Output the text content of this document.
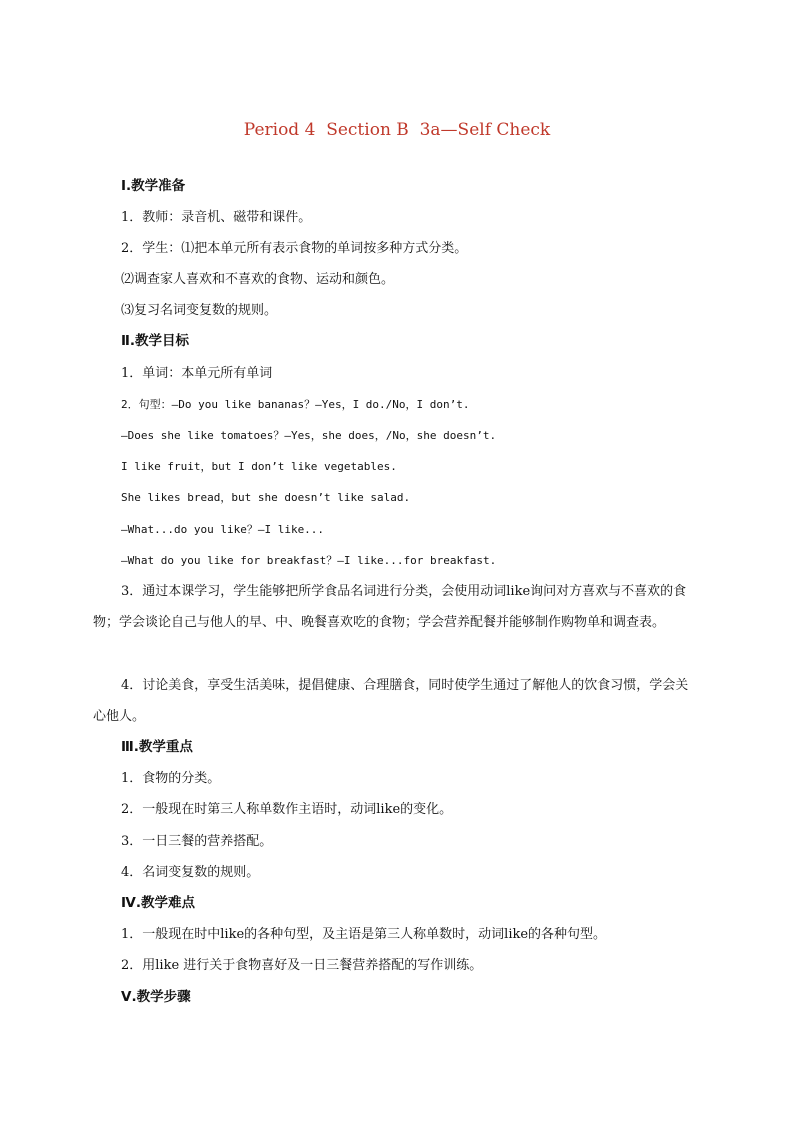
Period 4  Section B  3a—Self Check
Ⅰ.教学准备
1．教师：录音机、磁带和课件。
2．学生：⑴把本单元所有表示食物的单词按多种方式分类。
⑵调查家人喜欢和不喜欢的食物、运动和颜色。
⑶复习名词变复数的规则。
Ⅱ.教学目标
1．单词：本单元所有单词
2．句型：—Do you like bananas？—Yes，I do./No，I don’t.
—Does she like tomatoes？—Yes，she does，/No，she doesn’t.
I like fruit，but I don’t like vegetables.
She likes bread，but she doesn’t like salad.
—What...do you like？—I like...
—What do you like for breakfast？—I like...for breakfast.
3．通过本课学习，学生能够把所学食品名词进行分类，会使用动词like询问对方喜欢与不喜欢的食物；学会谈论自己与他人的早、中、晚餐喜欢吃的食物；学会营养配餐并能够制作购物单和调查表。
4．讨论美食，享受生活美味，提倡健康、合理膳食，同时使学生通过了解他人的饮食习惯，学会关心他人。
Ⅲ.教学重点
1．食物的分类。
2．一般现在时第三人称单数作主语时，动词like的变化。
3．一日三餐的营养搭配。
4．名词变复数的规则。
Ⅳ.教学难点
1．一般现在时中like的各种句型，及主语是第三人称单数时，动词like的各种句型。
2．用like 进行关于食物喜好及一日三餐营养搭配的写作训练。
Ⅴ.教学步骤
